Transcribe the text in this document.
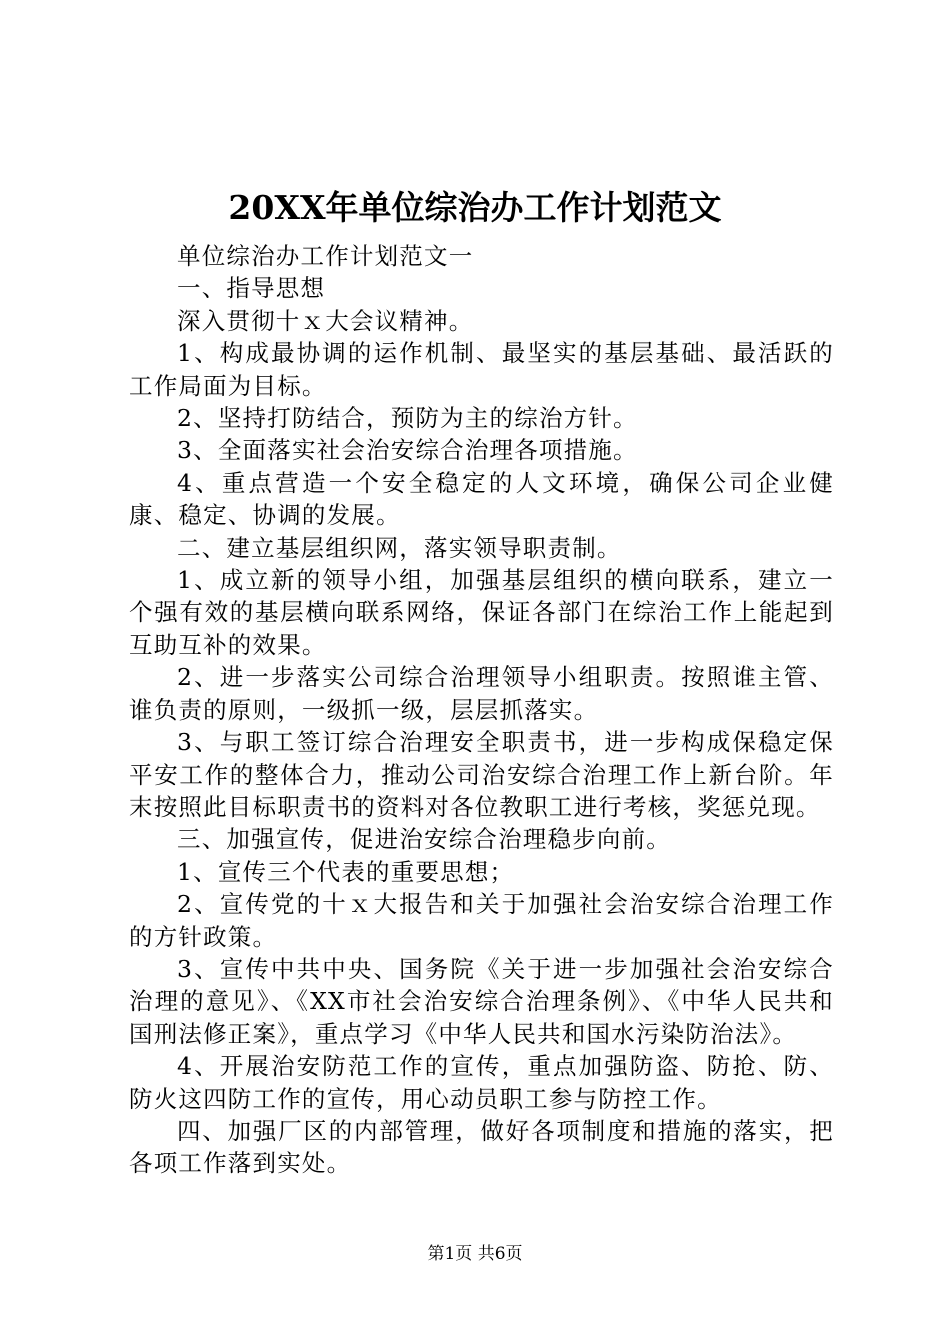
20XX年单位综治办工作计划范文

单位综治办工作计划范文一

一、指导思想

深入贯彻十ｘ大会议精神。

1、构成最协调的运作机制、最坚实的基层基础、最活跃的工作局面为目标。

2、坚持打防结合，预防为主的综治方针。

3、全面落实社会治安综合治理各项措施。

4、重点营造一个安全稳定的人文环境，确保公司企业健康、稳定、协调的发展。

二、建立基层组织网，落实领导职责制。

1、成立新的领导小组，加强基层组织的横向联系，建立一个强有效的基层横向联系网络，保证各部门在综治工作上能起到互助互补的效果。

2、进一步落实公司综合治理领导小组职责。按照谁主管、谁负责的原则，一级抓一级，层层抓落实。

3、与职工签订综合治理安全职责书，进一步构成保稳定保平安工作的整体合力，推动公司治安综合治理工作上新台阶。年末按照此目标职责书的资料对各位教职工进行考核，奖惩兑现。

三、加强宣传，促进治安综合治理稳步向前。

1、宣传三个代表的重要思想；

2、宣传党的十ｘ大报告和关于加强社会治安综合治理工作的方针政策。

3、宣传中共中央、国务院《关于进一步加强社会治安综合治理的意见》、《XX市社会治安综合治理条例》、《中华人民共和国刑法修正案》，重点学习《中华人民共和国水污染防治法》。

4、开展治安防范工作的宣传，重点加强防盗、防抢、防、防火这四防工作的宣传，用心动员职工参与防控工作。

四、加强厂区的内部管理，做好各项制度和措施的落实，把各项工作落到实处。

第1页 共6页
